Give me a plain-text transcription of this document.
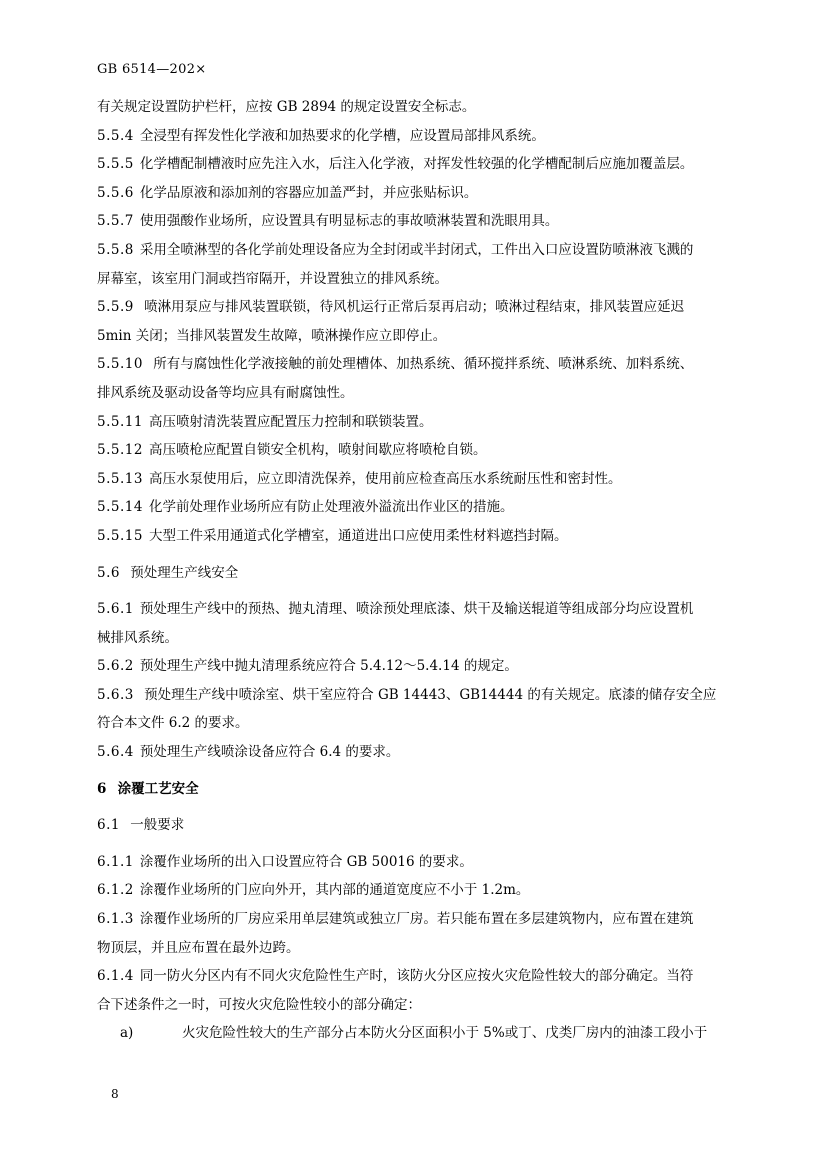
GB 6514—202×
有关规定设置防护栏杆，应按 GB 2894 的规定设置安全标志。
5.5.4 全浸型有挥发性化学液和加热要求的化学槽，应设置局部排风系统。
5.5.5 化学槽配制槽液时应先注入水，后注入化学液，对挥发性较强的化学槽配制后应施加覆盖层。
5.5.6 化学品原液和添加剂的容器应加盖严封，并应张贴标识。
5.5.7 使用强酸作业场所，应设置具有明显标志的事故喷淋装置和洗眼用具。
5.5.8 采用全喷淋型的各化学前处理设备应为全封闭或半封闭式，工件出入口应设置防喷淋液飞溅的
屏幕室，该室用门洞或挡帘隔开，并设置独立的排风系统。
5.5.9 喷淋用泵应与排风装置联锁，待风机运行正常后泵再启动；喷淋过程结束，排风装置应延迟
5min 关闭；当排风装置发生故障，喷淋操作应立即停止。
5.5.10 所有与腐蚀性化学液接触的前处理槽体、加热系统、循环搅拌系统、喷淋系统、加料系统、
排风系统及驱动设备等均应具有耐腐蚀性。
5.5.11 高压喷射清洗装置应配置压力控制和联锁装置。
5.5.12 高压喷枪应配置自锁安全机构，喷射间歇应将喷枪自锁。
5.5.13 高压水泵使用后，应立即清洗保养，使用前应检查高压水系统耐压性和密封性。
5.5.14 化学前处理作业场所应有防止处理液外溢流出作业区的措施。
5.5.15 大型工件采用通道式化学槽室，通道进出口应使用柔性材料遮挡封隔。
5.6 预处理生产线安全
5.6.1 预处理生产线中的预热、抛丸清理、喷涂预处理底漆、烘干及输送辊道等组成部分均应设置机
械排风系统。
5.6.2 预处理生产线中抛丸清理系统应符合 5.4.12～5.4.14 的规定。
5.6.3 预处理生产线中喷涂室、烘干室应符合 GB 14443、GB14444 的有关规定。底漆的储存安全应
符合本文件 6.2 的要求。
5.6.4 预处理生产线喷涂设备应符合 6.4 的要求。
6 涂覆工艺安全
6.1 一般要求
6.1.1 涂覆作业场所的出入口设置应符合 GB 50016 的要求。
6.1.2 涂覆作业场所的门应向外开，其内部的通道宽度应不小于 1.2m。
6.1.3 涂覆作业场所的厂房应采用单层建筑或独立厂房。若只能布置在多层建筑物内，应布置在建筑
物顶层，并且应布置在最外边跨。
6.1.4 同一防火分区内有不同火灾危险性生产时，该防火分区应按火灾危险性较大的部分确定。当符
合下述条件之一时，可按火灾危险性较小的部分确定：
a)	火灾危险性较大的生产部分占本防火分区面积小于 5%或丁、戊类厂房内的油漆工段小于
8
